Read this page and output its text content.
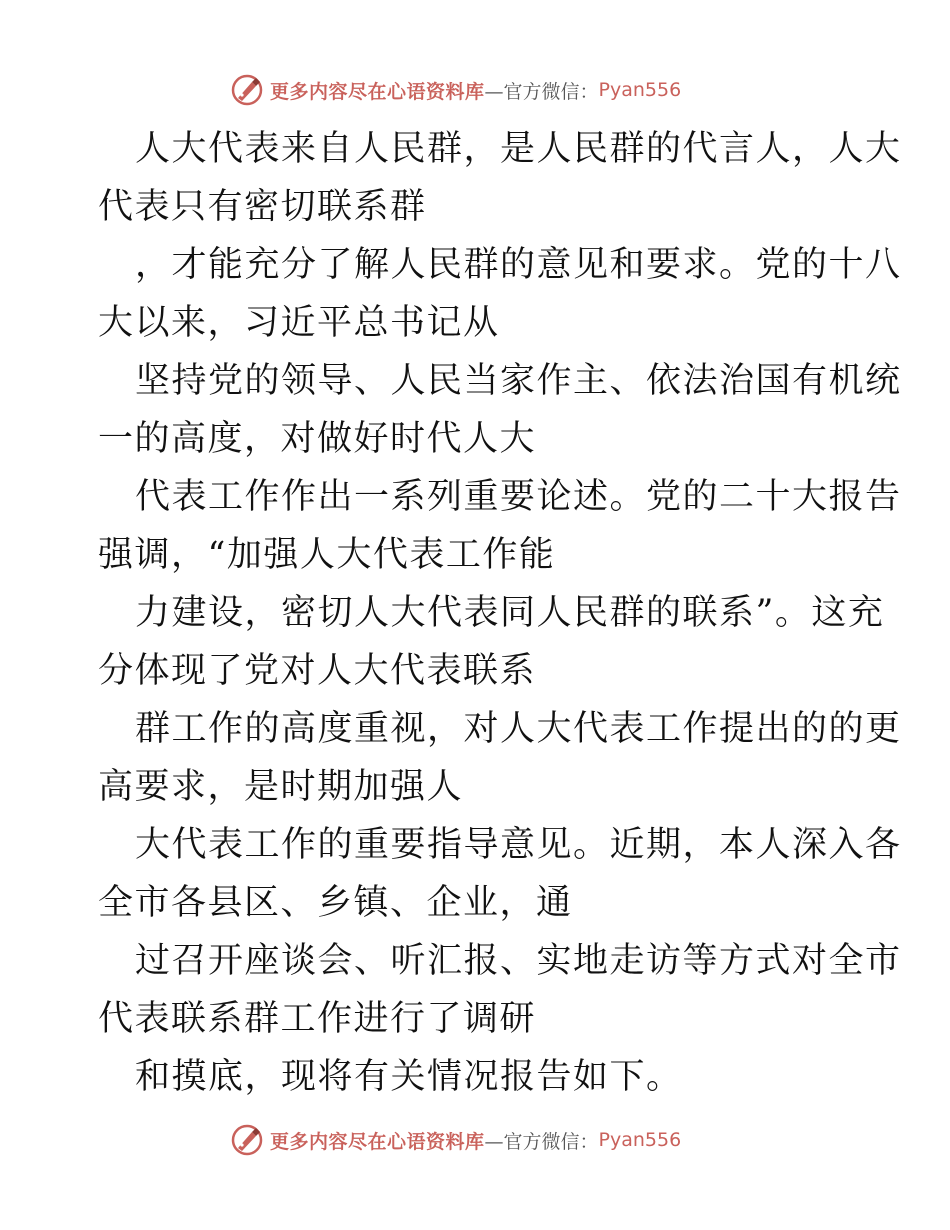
更多内容尽在心语资料库 —官方微信： Pyan556
人大代表来自人民群，是人民群的代言人，人大
代表只有密切联系群
，才能充分了解人民群的意见和要求。党的十八
大以来，习近平总书记从
坚持党的领导、人民当家作主、依法治国有机统
一的高度，对做好时代人大
代表工作作出一系列重要论述。党的二十大报告
强调，“加强人大代表工作能
力建设，密切人大代表同人民群的联系”。这充
分体现了党对人大代表联系
群工作的高度重视，对人大代表工作提出的的更
高要求，是时期加强人
大代表工作的重要指导意见。近期，本人深入各
全市各县区、乡镇、企业，通
过召开座谈会、听汇报、实地走访等方式对全市
代表联系群工作进行了调研
和摸底，现将有关情况报告如下。
更多内容尽在心语资料库 —官方微信： Pyan556
